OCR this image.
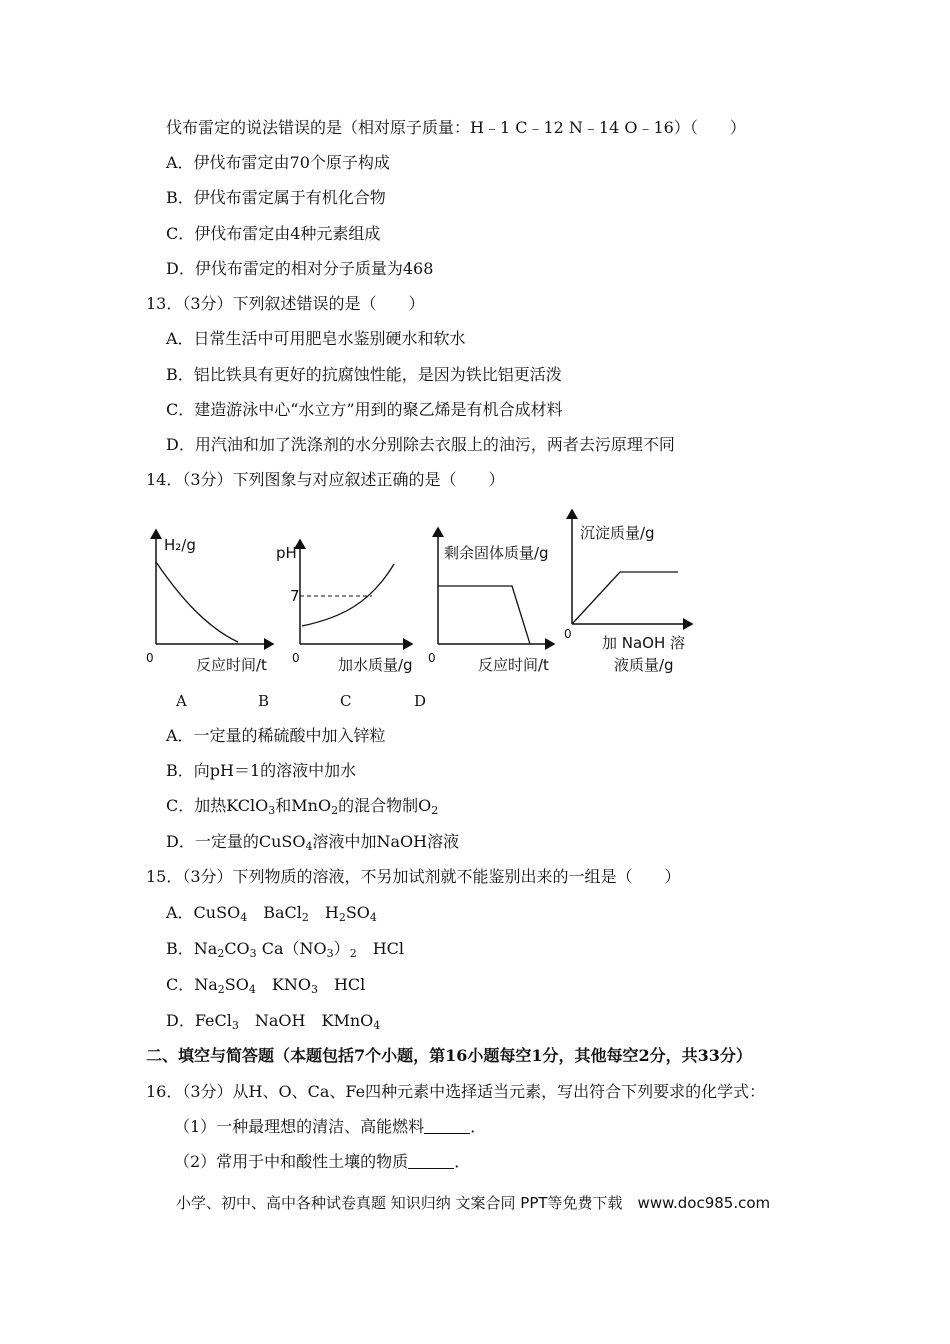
伐布雷定的说法错误的是（相对原子质量：H﹣1 C﹣12 N﹣14 O﹣16）（　　）
A．伊伐布雷定由70个原子构成
B．伊伐布雷定属于有机化合物
C．伊伐布雷定由4种元素组成
D．伊伐布雷定的相对分子质量为468
13．（3分）下列叙述错误的是（　　）
A．日常生活中可用肥皂水鉴别硬水和软水
B．铝比铁具有更好的抗腐蚀性能，是因为铁比铝更活泼
C．建造游泳中心“水立方”用到的聚乙烯是有机合成材料
D．用汽油和加了洗涤剂的水分别除去衣服上的油污，两者去污原理不同
14．（3分）下列图象与对应叙述正确的是（　　）
H₂/g
0	反应时间/t
pH
7
0	加水质量/g
剩余固体质量/g
0	反应时间/t
沉淀质量/g
0 加 NaOH 溶
液质量/g
A	B	C	D
A．一定量的稀硫酸中加入锌粒
B．向pH＝1的溶液中加水
C．加热KClO$_3$和MnO$_2$的混合物制$O_2$
D．一定量的CuSO$_4$溶液中加NaOH溶液
15．（3分）下列物质的溶液，不另加试剂就不能鉴别出来的一组是（　　）
A．CuSO$_4$　BaCl$_2$　$H_2SO_4$
B．$Na_2CO_3$ $Ca(NO_3)_2$　HCl
C．$Na_2SO_4$　$KNO_3$　HCl
D．FeCl$_3$　NaOH　KMnO$_4$
二、填空与简答题（本题包括7个小题，第16小题每空1分，其他每空2分，共33分）
16．（3分）从H、O、Ca、Fe四种元素中选择适当元素，写出符合下列要求的化学式：
（1）一种最理想的清洁、高能燃料	．
（2）常用于中和酸性土壤的物质	．
小学、初中、高中各种试卷真题 知识归纳 文案合同 PPT等免费下载　www.doc985.com
